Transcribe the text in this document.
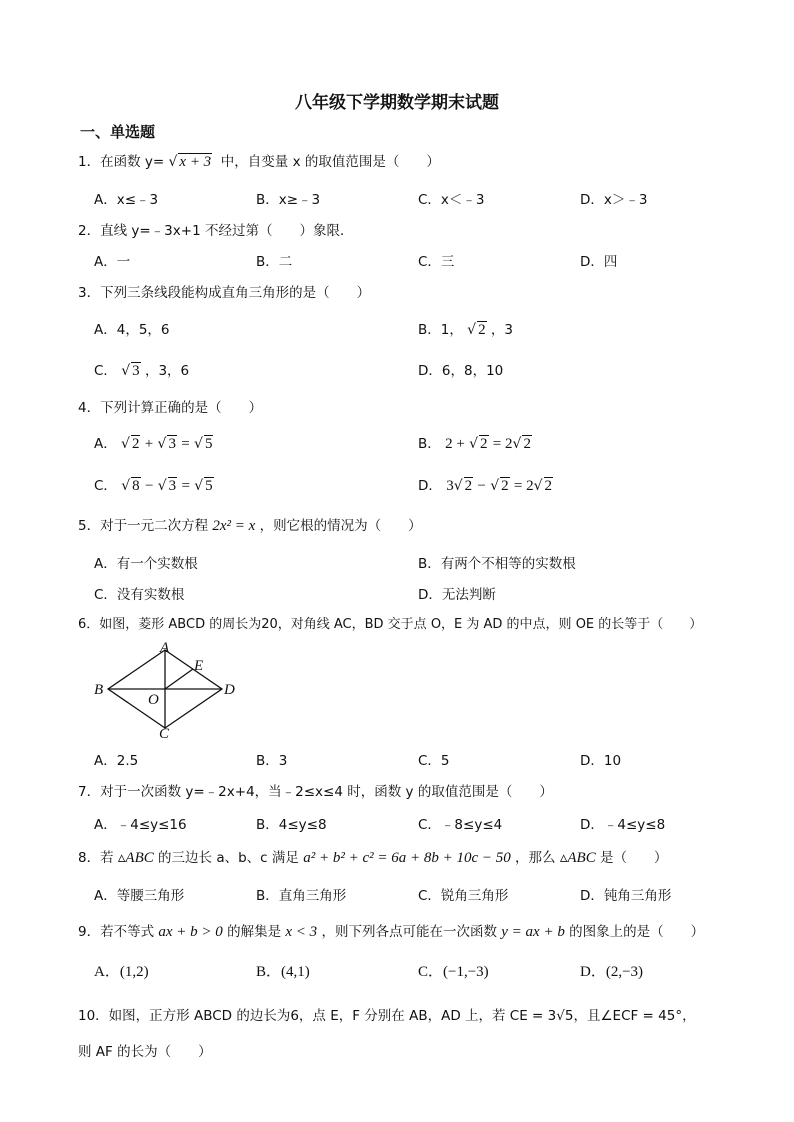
八年级下学期数学期末试题
一、单选题
1．在函数 y= √ x + 3 中，自变量 x 的取值范围是（　　）
A．x≤﹣3	B．x≥﹣3	C．x＜﹣3	D．x＞﹣3
2．直线 y=﹣3x+1 不经过第（　　）象限．
A．一	B．二	C．三	D．四
3．下列三条线段能构成直角三角形的是（　　）
A．4，5，6	B．1， √ 2 ，3
C． √ 3 ，3，6	D．6，8，10
4．下列计算正确的是（　　）
A． √ 2 + √ 3 = √ 5	B． 2 + √ 2 = 2√ 2
C． √ 8 − √ 3 = √ 5	D． 3√ 2 − √ 2 = 2√ 2
5．对于一元二次方程 2x² = x ，则它根的情况为（　　）
A．有一个实数根	B．有两个不相等的实数根
C．没有实数根	D．无法判断
6．如图，菱形 ABCD 的周长为20，对角线 AC，BD 交于点 O，E 为 AD 的中点，则 OE 的长等于（　　）
A
B
C
D
E
O
A．2.5	B．3	C．5	D．10
7．对于一次函数 y=﹣2x+4，当﹣2≤x≤4 时，函数 y 的取值范围是（　　）
A．﹣4≤y≤16	B．4≤y≤8	C．﹣8≤y≤4	D．﹣4≤y≤8
8．若 ▵ABC 的三边长 a、b、c 满足 a² + b² + c² = 6a + 8b + 10c − 50 ，那么 ▵ABC 是（　　）
A．等腰三角形	B．直角三角形	C．锐角三角形	D．钝角三角形
9．若不等式 ax + b > 0 的解集是 x < 3 ，则下列各点可能在一次函数 y = ax + b 的图象上的是（　　）
A．(1,2)	B．(4,1)	C．(−1,−3)	D．(2,−3)
10．如图，正方形 ABCD 的边长为6，点 E，F 分别在 AB，AD 上，若 CE = 3√5，且∠ECF = 45°，
则 AF 的长为（　　）
